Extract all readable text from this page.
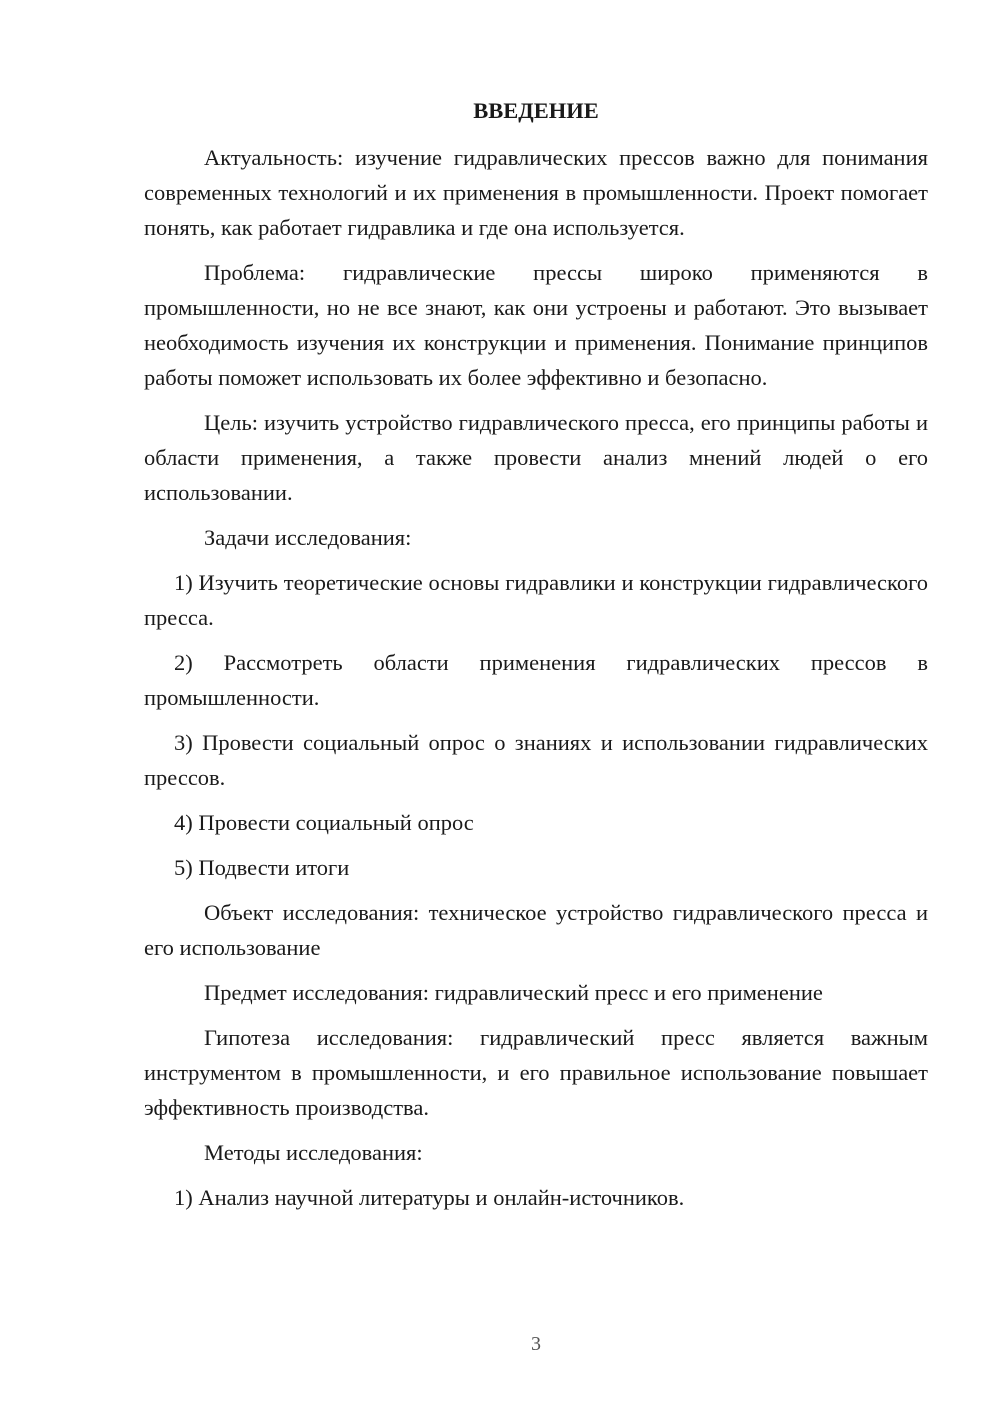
ВВЕДЕНИЕ

Актуальность: изучение гидравлических прессов важно для понимания современных технологий и их применения в промышленности. Проект помогает понять, как работает гидравлика и где она используется.

Проблема: гидравлические прессы широко применяются в промышленности, но не все знают, как они устроены и работают. Это вызывает необходимость изучения их конструкции и применения. Понимание принципов работы поможет использовать их более эффективно и безопасно.

Цель: изучить устройство гидравлического пресса, его принципы работы и области применения, а также провести анализ мнений людей о его использовании.

Задачи исследования:

1) Изучить теоретические основы гидравлики и конструкции гидравлического пресса.

2) Рассмотреть области применения гидравлических прессов в промышленности.

3) Провести социальный опрос о знаниях и использовании гидравлических прессов.

4) Провести социальный опрос

5) Подвести итоги

Объект исследования: техническое устройство гидравлического пресса и его использование

Предмет исследования: гидравлический пресс и его применение

Гипотеза исследования: гидравлический пресс является важным инструментом в промышленности, и его правильное использование повышает эффективность производства.

Методы исследования:

1) Анализ научной литературы и онлайн-источников.

3
